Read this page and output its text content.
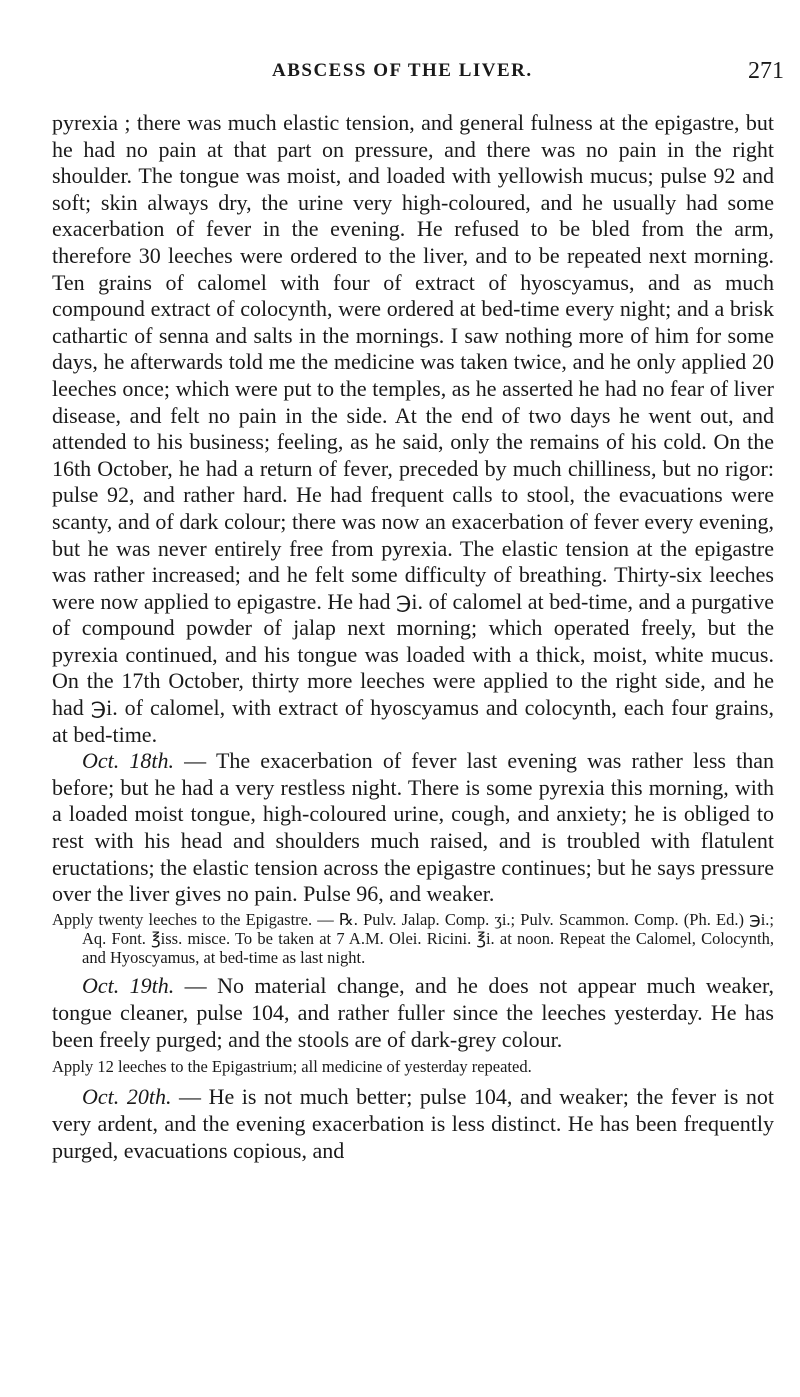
ABSCESS OF THE LIVER.	271

pyrexia ; there was much elastic tension, and general fulness at the epigastre, but he had no pain at that part on pressure, and there was no pain in the right shoulder. The tongue was moist, and loaded with yellowish mucus; pulse 92 and soft; skin always dry, the urine very high-coloured, and he usually had some exacerbation of fever in the evening. He refused to be bled from the arm, therefore 30 leeches were ordered to the liver, and to be repeated next morning. Ten grains of calomel with four of extract of hyoscyamus, and as much compound extract of colocynth, were ordered at bed-time every night; and a brisk cathartic of senna and salts in the mornings. I saw nothing more of him for some days, he afterwards told me the medicine was taken twice, and he only applied 20 leeches once; which were put to the temples, as he asserted he had no fear of liver disease, and felt no pain in the side. At the end of two days he went out, and attended to his business; feeling, as he said, only the remains of his cold. On the 16th October, he had a return of fever, preceded by much chilliness, but no rigor: pulse 92, and rather hard. He had frequent calls to stool, the evacuations were scanty, and of dark colour; there was now an exacerbation of fever every evening, but he was never entirely free from pyrexia. The elastic tension at the epigastre was rather increased; and he felt some difficulty of breathing. Thirty-six leeches were now applied to epigastre. He had ℈i. of calomel at bed-time, and a purgative of compound powder of jalap next morning; which operated freely, but the pyrexia continued, and his tongue was loaded with a thick, moist, white mucus. On the 17th October, thirty more leeches were applied to the right side, and he had ℈i. of calomel, with extract of hyoscyamus and colocynth, each four grains, at bed-time.

Oct. 18th. — The exacerbation of fever last evening was rather less than before; but he had a very restless night. There is some pyrexia this morning, with a loaded moist tongue, high-coloured urine, cough, and anxiety; he is obliged to rest with his head and shoulders much raised, and is troubled with flatulent eructations; the elastic tension across the epigastre continues; but he says pressure over the liver gives no pain. Pulse 96, and weaker.

Apply twenty leeches to the Epigastre. — ℞. Pulv. Jalap. Comp. ʒi.; Pulv. Scammon. Comp. (Ph. Ed.) ℈i.; Aq. Font. ℥iss. misce. To be taken at 7 A.M. Olei. Ricini. ℥i. at noon. Repeat the Calomel, Colocynth, and Hyoscyamus, at bed-time as last night.

Oct. 19th. — No material change, and he does not appear much weaker, tongue cleaner, pulse 104, and rather fuller since the leeches yesterday. He has been freely purged; and the stools are of dark-grey colour.

Apply 12 leeches to the Epigastrium; all medicine of yesterday repeated.

Oct. 20th. — He is not much better; pulse 104, and weaker; the fever is not very ardent, and the evening exacerbation is less distinct. He has been frequently purged, evacuations copious, and
